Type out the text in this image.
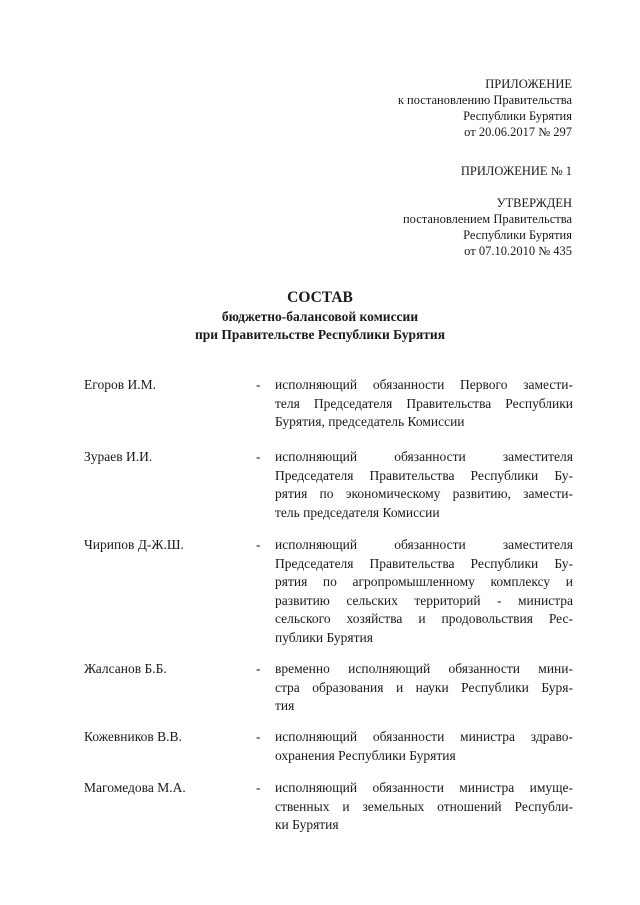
ПРИЛОЖЕНИЕ
к постановлению Правительства
Республики Бурятия
от 20.06.2017 № 297
ПРИЛОЖЕНИЕ № 1
УТВЕРЖДЕН
постановлением Правительства
Республики Бурятия
от 07.10.2010 № 435
СОСТАВ
бюджетно-балансовой комиссии
при Правительстве Республики Бурятия
Егоров И.М.	- исполняющий обязанности Первого замести-
теля Председателя Правительства Республики
Бурятия, председатель Комиссии
Зураев И.И.	- исполняющий обязанности заместителя
Председателя Правительства Республики Бу-
рятия по экономическому развитию, замести-
тель председателя Комиссии
Чирипов Д-Ж.Ш.	- исполняющий обязанности заместителя
Председателя Правительства Республики Бу-
рятия по агропромышленному комплексу и
развитию сельских территорий - министра
сельского хозяйства и продовольствия Рес-
публики Бурятия
Жалсанов Б.Б.	- временно исполняющий обязанности мини-
стра образования и науки Республики Буря-
тия
Кожевников В.В.	- исполняющий обязанности министра здраво-
охранения Республики Бурятия
Магомедова М.А.	- исполняющий обязанности министра имуще-
ственных и земельных отношений Республи-
ки Бурятия
